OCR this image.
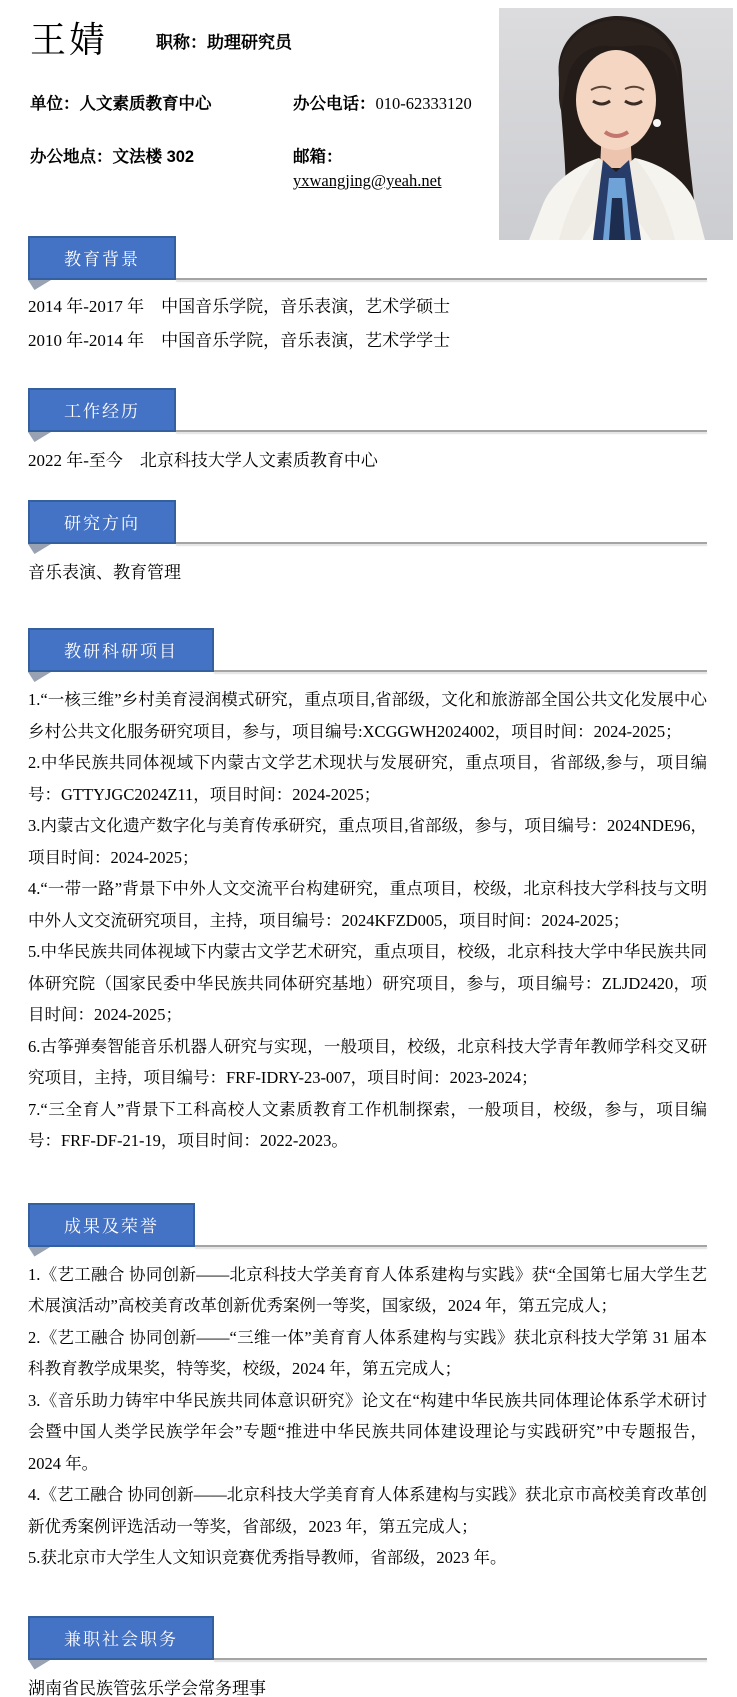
王婧	职称：助理研究员
单位：人文素质教育中心	办公电话：010-62333120
办公地点：文法楼 302	邮箱：yxwangjing@yeah.net
教育背景

2014 年-2017 年　中国音乐学院，音乐表演，艺术学硕士

2010 年-2014 年　中国音乐学院，音乐表演，艺术学学士

工作经历

2022 年-至今　北京科技大学人文素质教育中心

研究方向

音乐表演、教育管理

教研科研项目

1.“一核三维”乡村美育浸润模式研究，重点项目,省部级，文化和旅游部全国公共文化发展中心乡村公共文化服务研究项目，参与，项目编号:XCGGWH2024002，项目时间：2024-2025；

2.中华民族共同体视域下内蒙古文学艺术现状与发展研究，重点项目，省部级,参与，项目编号：GTTYJGC2024Z11，项目时间：2024-2025；

3.内蒙古文化遗产数字化与美育传承研究，重点项目,省部级，参与，项目编号：2024NDE96，项目时间：2024-2025；

4.“一带一路”背景下中外人文交流平台构建研究，重点项目，校级，北京科技大学科技与文明中外人文交流研究项目，主持，项目编号：2024KFZD005，项目时间：2024-2025；

5.中华民族共同体视域下内蒙古文学艺术研究，重点项目，校级，北京科技大学中华民族共同体研究院（国家民委中华民族共同体研究基地）研究项目，参与，项目编号：ZLJD2420，项目时间：2024-2025；

6.古筝弹奏智能音乐机器人研究与实现，一般项目，校级，北京科技大学青年教师学科交叉研究项目，主持，项目编号：FRF-IDRY-23-007，项目时间：2023-2024；

7.“三全育人”背景下工科高校人文素质教育工作机制探索，一般项目，校级，参与，项目编号：FRF-DF-21-19，项目时间：2022-2023。

成果及荣誉

1.《艺工融合 协同创新——北京科技大学美育育人体系建构与实践》获“全国第七届大学生艺术展演活动”高校美育改革创新优秀案例一等奖，国家级，2024 年，第五完成人；

2.《艺工融合 协同创新——“三维一体”美育育人体系建构与实践》获北京科技大学第 31 届本科教育教学成果奖，特等奖，校级，2024 年，第五完成人；

3.《音乐助力铸牢中华民族共同体意识研究》论文在“构建中华民族共同体理论体系学术研讨会暨中国人类学民族学年会”专题“推进中华民族共同体建设理论与实践研究”中专题报告，2024 年。

4.《艺工融合 协同创新——北京科技大学美育育人体系建构与实践》获北京市高校美育改革创新优秀案例评选活动一等奖，省部级，2023 年，第五完成人；

5.获北京市大学生人文知识竞赛优秀指导教师，省部级，2023 年。

兼职社会职务

湖南省民族管弦乐学会常务理事
